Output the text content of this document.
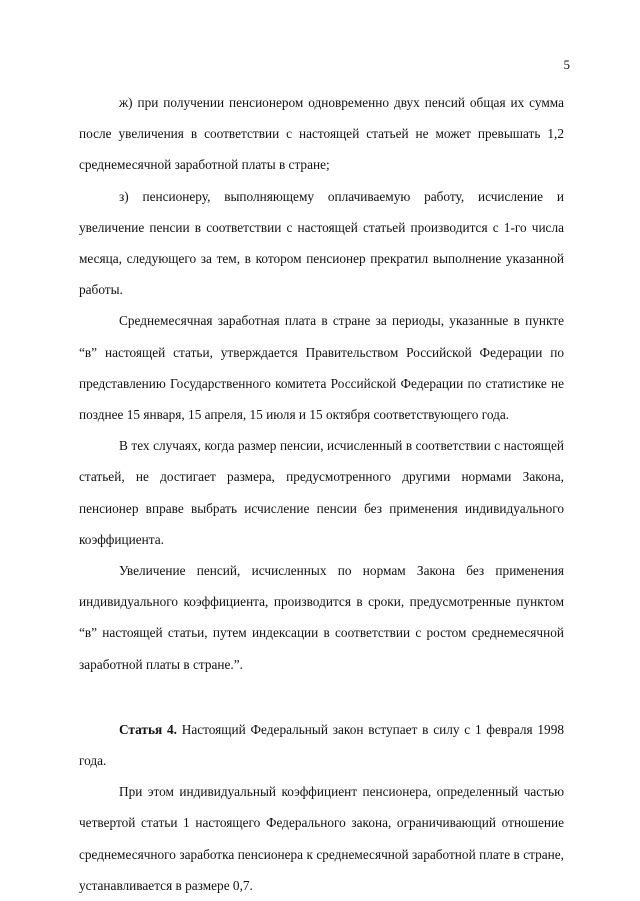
5

ж) при получении пенсионером одновременно двух пенсий общая их сумма после увеличения в соответствии с настоящей статьей не может превышать 1,2 среднемесячной заработной платы в стране;

з) пенсионеру, выполняющему оплачиваемую работу, исчисление и увеличение пенсии в соответствии с настоящей статьей производится с 1-го числа месяца, следующего за тем, в котором пенсионер прекратил выполнение указанной работы.

Среднемесячная заработная плата в стране за периоды, указанные в пункте “в” настоящей статьи, утверждается Правительством Российской Федерации по представлению Государственного комитета Российской Федерации по статистике не позднее 15 января, 15 апреля, 15 июля и 15 октября соответствующего года.

В тех случаях, когда размер пенсии, исчисленный в соответствии с настоящей статьей, не достигает размера, предусмотренного другими нормами Закона, пенсионер вправе выбрать исчисление пенсии без применения индивидуального коэффициента.

Увеличение пенсий, исчисленных по нормам Закона без применения индивидуального коэффициента, производится в сроки, предусмотренные пунктом “в” настоящей статьи, путем индексации в соответствии с ростом среднемесячной заработной платы в стране.”.

Статья 4. Настоящий Федеральный закон вступает в силу с 1 февраля 1998 года.

При этом индивидуальный коэффициент пенсионера, определенный частью четвертой статьи 1 настоящего Федерального закона, ограничивающий отношение среднемесячного заработка пенсионера к среднемесячной заработной плате в стране, устанавливается в размере 0,7.
